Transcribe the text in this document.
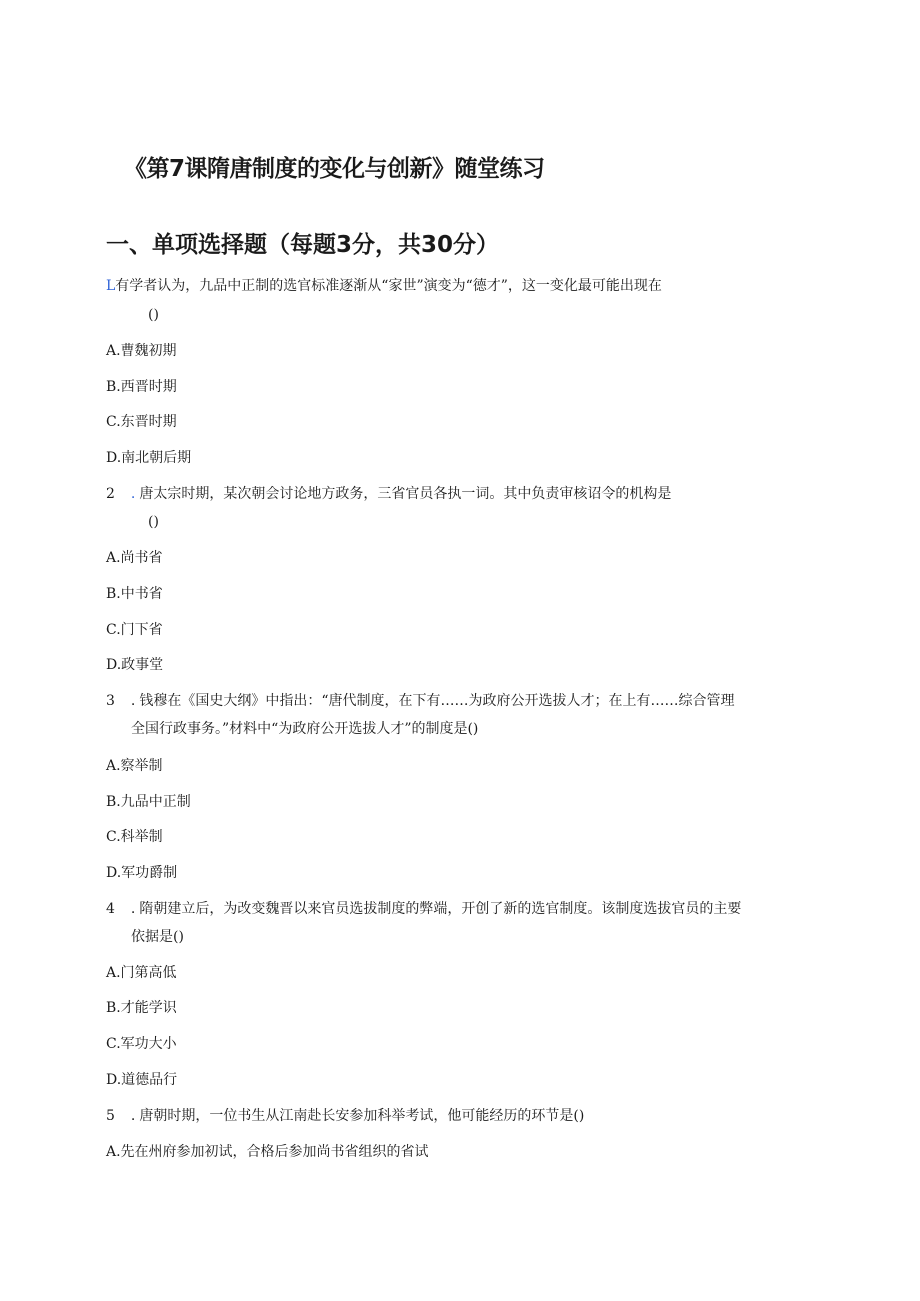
《第7课隋唐制度的变化与创新》随堂练习
一、单项选择题（每题3分，共30分）
L有学者认为，九品中正制的选官标准逐渐从“家世”演变为“德才”，这一变化最可能出现在
()
A.曹魏初期
B.西晋时期
C.东晋时期
D.南北朝后期
2 . 唐太宗时期，某次朝会讨论地方政务，三省官员各执一词。其中负责审核诏令的机构是
()
A.尚书省
B.中书省
C.门下省
D.政事堂
3 . 钱穆在《国史大纲》中指出：“唐代制度，在下有……为政府公开选拔人才；在上有……综合管理
全国行政事务。”材料中“为政府公开选拔人才”的制度是()
A.察举制
B.九品中正制
C.科举制
D.军功爵制
4 . 隋朝建立后，为改变魏晋以来官员选拔制度的弊端，开创了新的选官制度。该制度选拔官员的主要
依据是()
A.门第高低
B.才能学识
C.军功大小
D.道德品行
5 . 唐朝时期，一位书生从江南赴长安参加科举考试，他可能经历的环节是()
A.先在州府参加初试，合格后参加尚书省组织的省试
